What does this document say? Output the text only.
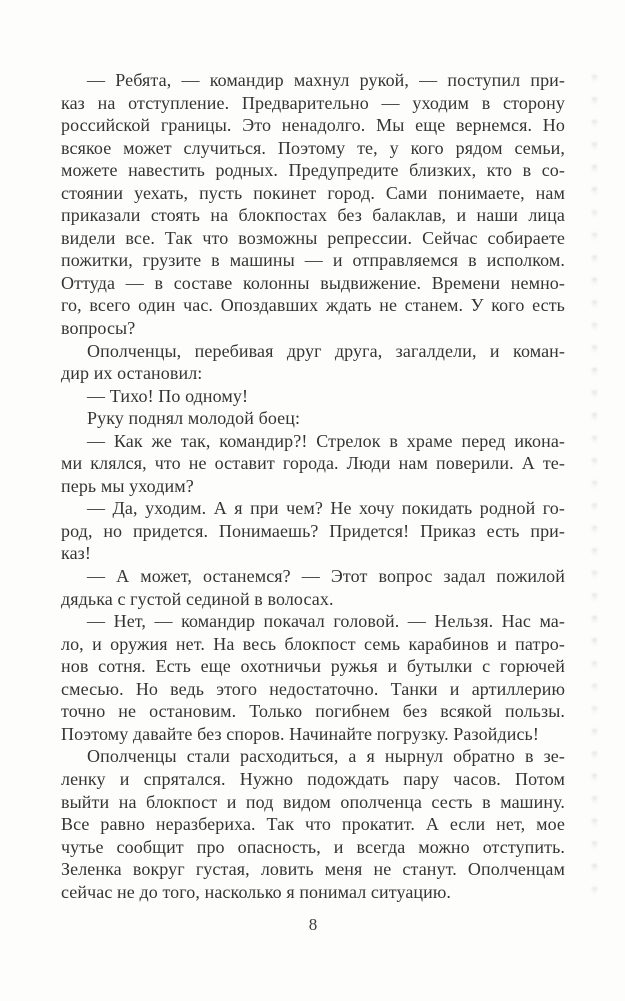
— Ребята, — командир махнул рукой, — поступил при-
каз на отступление. Предварительно — уходим в сторону
российской границы. Это ненадолго. Мы еще вернемся. Но
всякое может случиться. Поэтому те, у кого рядом семьи,
можете навестить родных. Предупредите близких, кто в со-
стоянии уехать, пусть покинет город. Сами понимаете, нам
приказали стоять на блокпостах без балаклав, и наши лица
видели все. Так что возможны репрессии. Сейчас собираете
пожитки, грузите в машины — и отправляемся в исполком.
Оттуда — в составе колонны выдвижение. Времени немно-
го, всего один час. Опоздавших ждать не станем. У кого есть
вопросы?
Ополченцы, перебивая друг друга, загалдели, и коман-
дир их остановил:
— Тихо! По одному!
Руку поднял молодой боец:
— Как же так, командир?! Стрелок в храме перед икона-
ми клялся, что не оставит города. Люди нам поверили. А те-
перь мы уходим?
— Да, уходим. А я при чем? Не хочу покидать родной го-
род, но придется. Понимаешь? Придется! Приказ есть при-
каз!
— А может, останемся? — Этот вопрос задал пожилой
дядька с густой сединой в волосах.
— Нет, — командир покачал головой. — Нельзя. Нас ма-
ло, и оружия нет. На весь блокпост семь карабинов и патро-
нов сотня. Есть еще охотничьи ружья и бутылки с горючей
смесью. Но ведь этого недостаточно. Танки и артиллерию
точно не остановим. Только погибнем без всякой пользы.
Поэтому давайте без споров. Начинайте погрузку. Разойдись!
Ополченцы стали расходиться, а я нырнул обратно в зе-
ленку и спрятался. Нужно подождать пару часов. Потом
выйти на блокпост и под видом ополченца сесть в машину.
Все равно неразбериха. Так что прокатит. А если нет, мое
чутье сообщит про опасность, и всегда можно отступить.
Зеленка вокруг густая, ловить меня не станут. Ополченцам
сейчас не до того, насколько я понимал ситуацию.
8
